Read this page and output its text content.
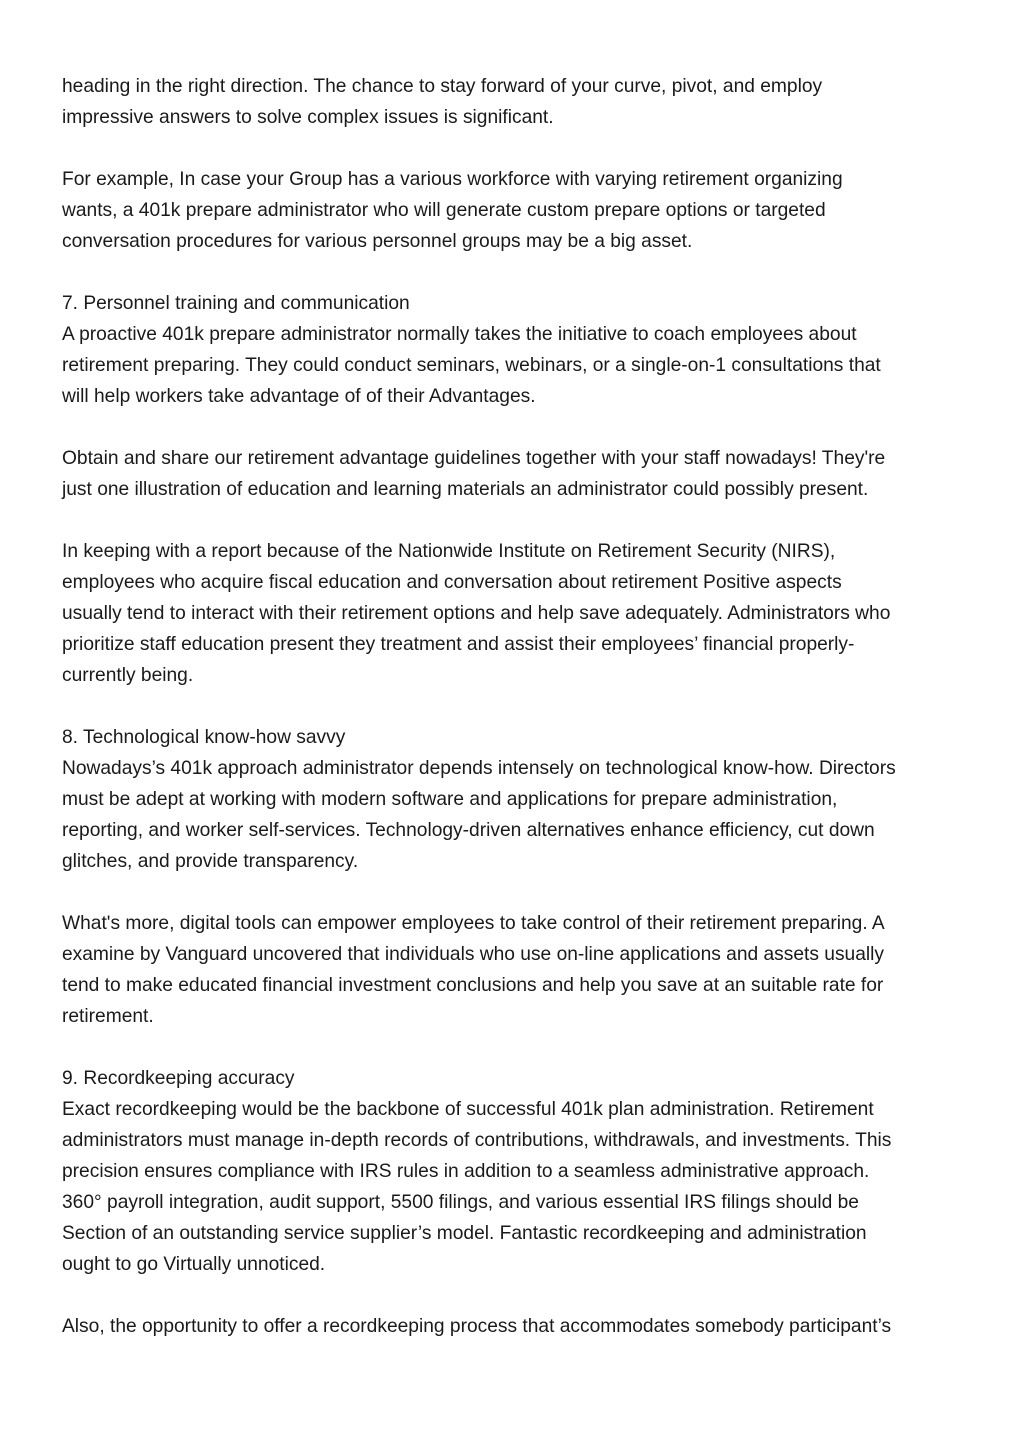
heading in the right direction. The chance to stay forward of your curve, pivot, and employ
impressive answers to solve complex issues is significant.
For example, In case your Group has a various workforce with varying retirement organizing
wants, a 401k prepare administrator who will generate custom prepare options or targeted
conversation procedures for various personnel groups may be a big asset.
7. Personnel training and communication
A proactive 401k prepare administrator normally takes the initiative to coach employees about
retirement preparing. They could conduct seminars, webinars, or a single-on-1 consultations that
will help workers take advantage of of their Advantages.
Obtain and share our retirement advantage guidelines together with your staff nowadays! They're
just one illustration of education and learning materials an administrator could possibly present.
In keeping with a report because of the Nationwide Institute on Retirement Security (NIRS),
employees who acquire fiscal education and conversation about retirement Positive aspects
usually tend to interact with their retirement options and help save adequately. Administrators who
prioritize staff education present they treatment and assist their employees’ financial properly-
currently being.
8. Technological know-how savvy
Nowadays’s 401k approach administrator depends intensely on technological know-how. Directors
must be adept at working with modern software and applications for prepare administration,
reporting, and worker self-services. Technology-driven alternatives enhance efficiency, cut down
glitches, and provide transparency.
What's more, digital tools can empower employees to take control of their retirement preparing. A
examine by Vanguard uncovered that individuals who use on-line applications and assets usually
tend to make educated financial investment conclusions and help you save at an suitable rate for
retirement.
9. Recordkeeping accuracy
Exact recordkeeping would be the backbone of successful 401k plan administration. Retirement
administrators must manage in-depth records of contributions, withdrawals, and investments. This
precision ensures compliance with IRS rules in addition to a seamless administrative approach.
360° payroll integration, audit support, 5500 filings, and various essential IRS filings should be
Section of an outstanding service supplier’s model. Fantastic recordkeeping and administration
ought to go Virtually unnoticed.
Also, the opportunity to offer a recordkeeping process that accommodates somebody participant’s
